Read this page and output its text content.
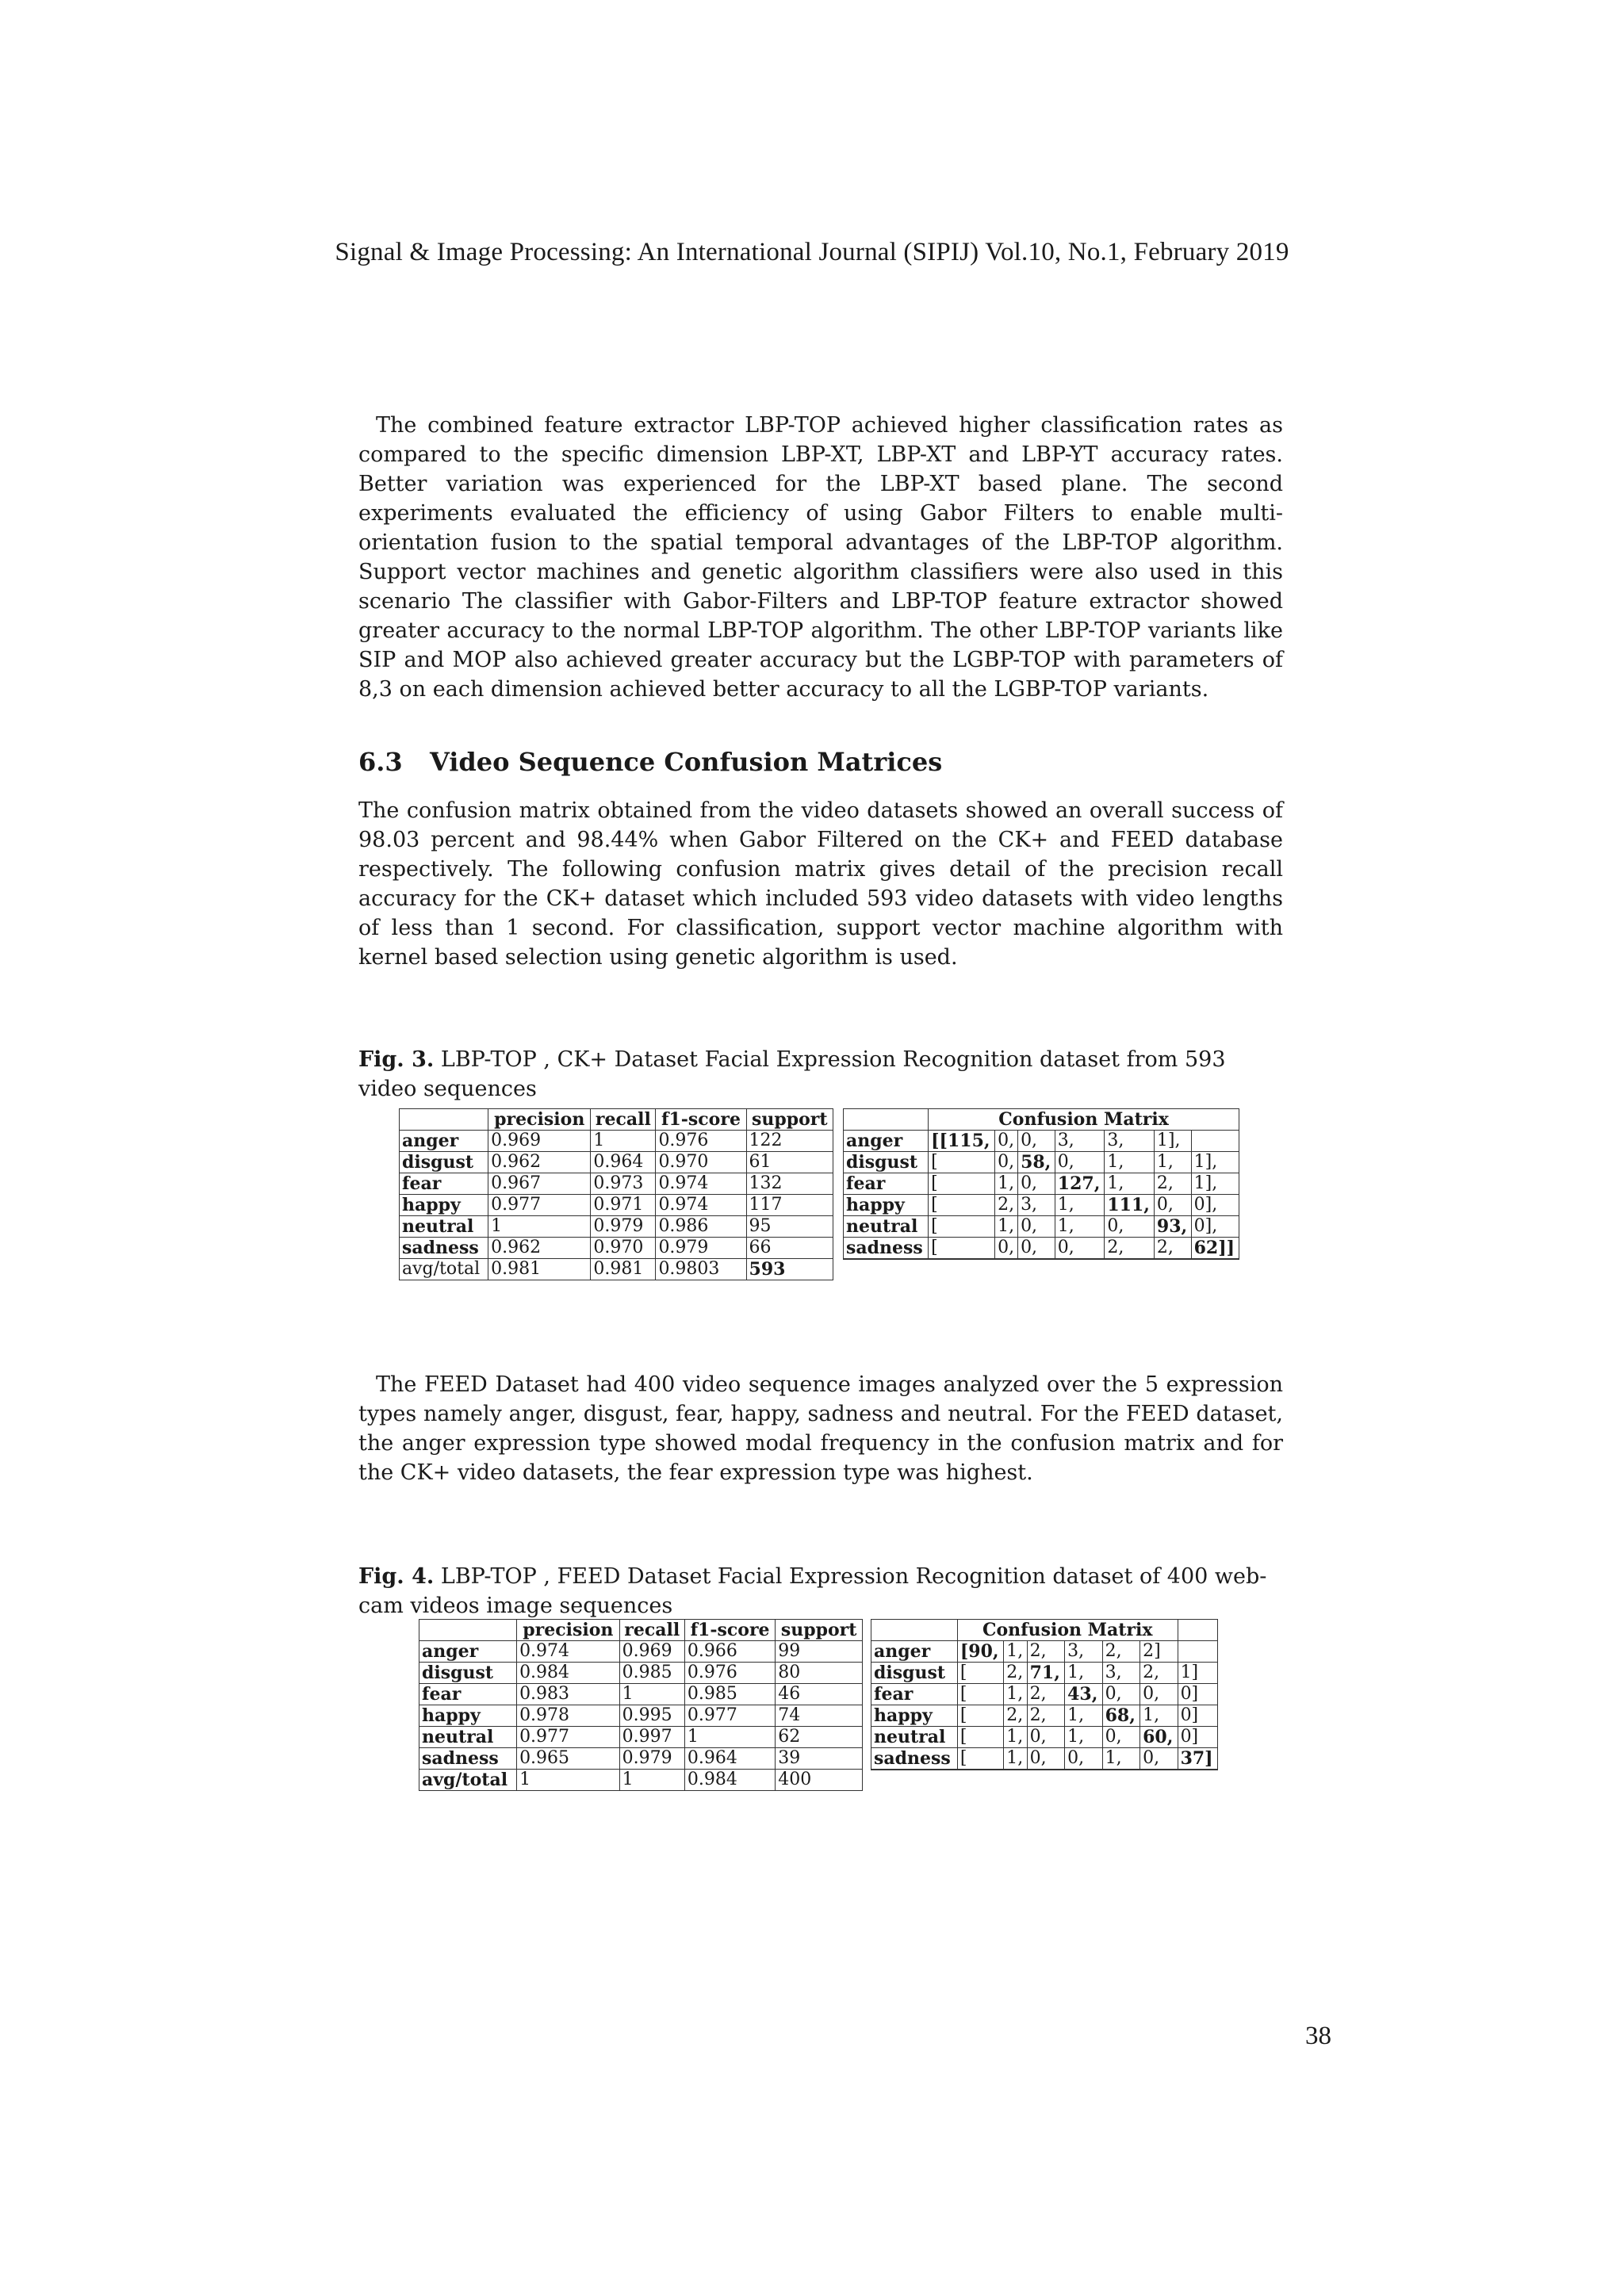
Signal & Image Processing: An International Journal (SIPIJ) Vol.10, No.1, February 2019

The combined feature extractor LBP-TOP achieved higher classification rates as compared to the specific dimension LBP-XT, LBP-XT and LBP-YT accuracy rates. Better variation was experienced for the LBP-XT based plane. The second experiments evaluated the efficiency of using Gabor Filters to enable multi-orientation fusion to the spatial temporal advantages of the LBP-TOP algorithm. Support vector machines and genetic algorithm classifiers were also used in this scenario The classifier with Gabor-Filters and LBP-TOP feature extractor showed greater accuracy to the normal LBP-TOP algorithm. The other LBP-TOP variants like SIP and MOP also achieved greater accuracy but the LGBP-TOP with parameters of 8,3 on each dimension achieved better accuracy to all the LGBP-TOP variants.

6.3 Video Sequence Confusion Matrices

The confusion matrix obtained from the video datasets showed an overall success of 98.03 percent and 98.44% when Gabor Filtered on the CK+ and FEED database respectively. The following confusion matrix gives detail of the precision recall accuracy for the CK+ dataset which included 593 video datasets with video lengths of less than 1 second. For classification, support vector machine algorithm with kernel based selection using genetic algorithm is used.

Fig. 3. LBP-TOP , CK+ Dataset Facial Expression Recognition dataset from 593 video sequences

	precision	recall	f1-score	support
anger	0.969	1	0.976	122
disgust	0.962	0.964	0.970	61
fear	0.967	0.973	0.974	132
happy	0.977	0.971	0.974	117
neutral	1	0.979	0.986	95
sadness	0.962	0.970	0.979	66
avg/total	0.981	0.981	0.9803	593
	Confusion Matrix						
anger	[[115,	0,	0,	3,	3,	1],	
disgust	[	0,	58,	0,	1,	1,	1],
fear	[	1,	0,	127,	1,	2,	1],
happy	[	2,	3,	1,	111,	0,	0],
neutral	[	1,	0,	1,	0,	93,	0],
sadness	[	0,	0,	0,	2,	2,	62]]

The FEED Dataset had 400 video sequence images analyzed over the 5 expression types namely anger, disgust, fear, happy, sadness and neutral. For the FEED dataset, the anger expression type showed modal frequency in the confusion matrix and for the CK+ video datasets, the fear expression type was highest.

Fig. 4. LBP-TOP , FEED Dataset Facial Expression Recognition dataset of 400 web-cam videos image sequences

	precision	recall	f1-score	support
anger	0.974	0.969	0.966	99
disgust	0.984	0.985	0.976	80
fear	0.983	1	0.985	46
happy	0.978	0.995	0.977	74
neutral	0.977	0.997	1	62
sadness	0.965	0.979	0.964	39
avg/total	1	1	0.984	400
	Confusion Matrix						
anger	[90,	1,	2,	3,	2,	2]	
disgust	[	2,	71,	1,	3,	2,	1]
fear	[	1,	2,	43,	0,	0,	0]
happy	[	2,	2,	1,	68,	1,	0]
neutral	[	1,	0,	1,	0,	60,	0]
sadness	[	1,	0,	0,	1,	0,	37]

38
